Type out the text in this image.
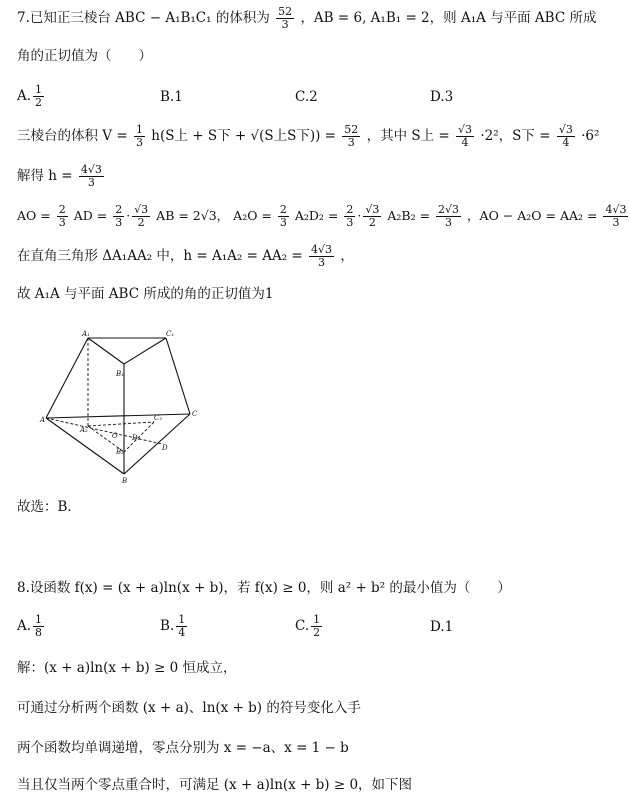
7.已知正三棱台 ABC − A₁B₁C₁ 的体积为 $\frac{52}{3}$ ，AB = 6, A₁B₁ = 2，则 A₁A 与平面 ABC 所成
角的正切值为（　　）
A. $\frac{1}{2}$	B.1	C.2	D.3
三棱台的体积 $V = \frac{1}{3} h(S$上 + S下 + √(S上S下)) = $\frac{52}{3}$ ，其中 S上 = $\frac{√3}{4} \cdot 2^2$，S下 = $\frac{√3}{4} \cdot 6^2$
解得 $h = \frac{4√3}{3}$
AO = $\frac{2}{3}$ AD = $\frac{2}{3} \cdot \frac{√3}{2}$ AB = 2√3， $A_2O = \frac{2}{3} A_2D_2 = \frac{2}{3} \cdot \frac{√3}{2} A_2B_2 = \frac{2√3}{3}$ ，AO − $A_2O = AA_2 = \frac{4√3}{3}$
在直角三角形 ΔA₁AA₂ 中，$h = A_1A_2 = AA_2 = \frac{4√3}{3}$ ，
故 A₁A 与平面 ABC 所成的角的正切值为1
A₁	C₁
B₁
A
C
B
D
A₂
O D₂
C₂
B₂
故选：B．
8.设函数 f(x) = (x + a)ln(x + b)，若 f(x) ≥ 0，则 a² + b² 的最小值为（　　）
A. $\frac{1}{8}$	B. $\frac{1}{4}$	C. $\frac{1}{2}$	D.1
解：(x + a)ln(x + b) ≥ 0 恒成立，
可通过分析两个函数 (x + a)、ln(x + b) 的符号变化入手
两个函数均单调递增，零点分别为 x = −a、x = 1 − b
当且仅当两个零点重合时，可满足 (x + a)ln(x + b) ≥ 0，如下图
